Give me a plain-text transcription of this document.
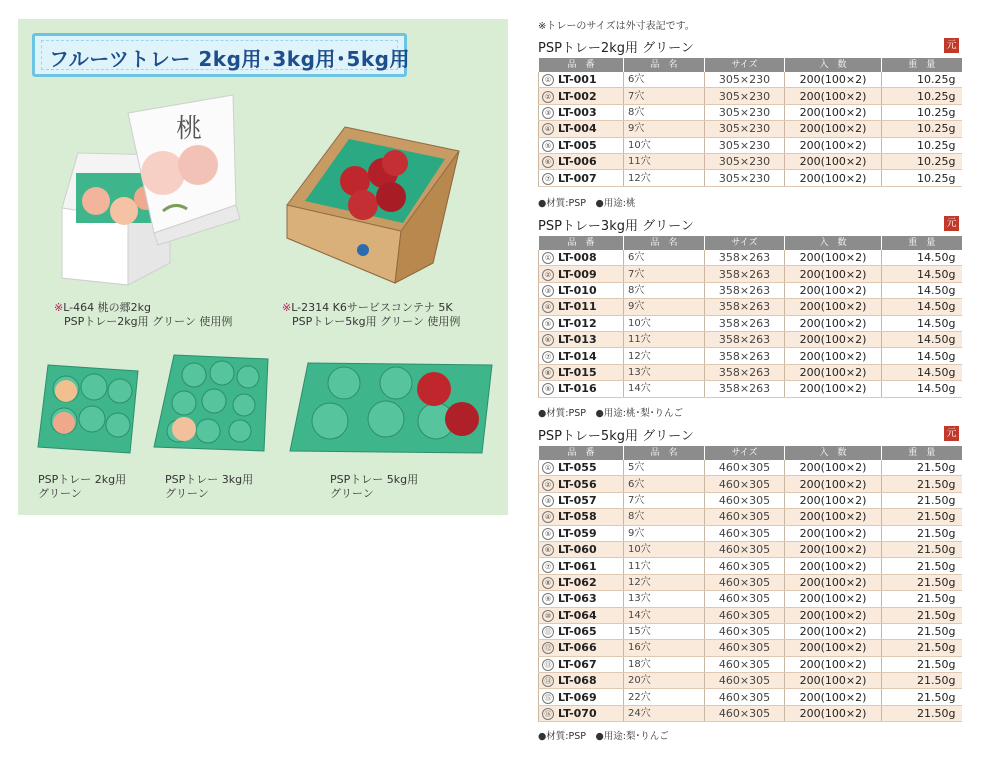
フルーツトレー 2kg用･3kg用･5kg用
桃
※L-464 桃の郷2kg
PSPトレー2kg用 グリーン 使用例
※L-2314 K6サービスコンテナ 5K
PSPトレー5kg用 グリーン 使用例
PSPトレー 2kg用
グリーン
PSPトレー 3kg用
グリーン
PSPトレー 5kg用
グリーン
※トレーのサイズは外寸表記です。
PSPトレー2kg用 グリーン	元
品　番	品　名	サイズ	入　数	重　量
① LT-001	6穴	305×230	200(100×2)	10.25g
② LT-002	7穴	305×230	200(100×2)	10.25g
③ LT-003	8穴	305×230	200(100×2)	10.25g
④ LT-004	9穴	305×230	200(100×2)	10.25g
⑤ LT-005	10穴	305×230	200(100×2)	10.25g
⑥ LT-006	11穴	305×230	200(100×2)	10.25g
⑦ LT-007	12穴	305×230	200(100×2)	10.25g
●材質:PSP　●用途:桃
PSPトレー3kg用 グリーン	元
品　番	品　名	サイズ	入　数	重　量
① LT-008	6穴	358×263	200(100×2)	14.50g
② LT-009	7穴	358×263	200(100×2)	14.50g
③ LT-010	8穴	358×263	200(100×2)	14.50g
④ LT-011	9穴	358×263	200(100×2)	14.50g
⑤ LT-012	10穴	358×263	200(100×2)	14.50g
⑥ LT-013	11穴	358×263	200(100×2)	14.50g
⑦ LT-014	12穴	358×263	200(100×2)	14.50g
⑧ LT-015	13穴	358×263	200(100×2)	14.50g
⑨ LT-016	14穴	358×263	200(100×2)	14.50g
●材質:PSP　●用途:桃･梨･りんご
PSPトレー5kg用 グリーン	元
品　番	品　名	サイズ	入　数	重　量
① LT-055	5穴	460×305	200(100×2)	21.50g
② LT-056	6穴	460×305	200(100×2)	21.50g
③ LT-057	7穴	460×305	200(100×2)	21.50g
④ LT-058	8穴	460×305	200(100×2)	21.50g
⑤ LT-059	9穴	460×305	200(100×2)	21.50g
⑥ LT-060	10穴	460×305	200(100×2)	21.50g
⑦ LT-061	11穴	460×305	200(100×2)	21.50g
⑧ LT-062	12穴	460×305	200(100×2)	21.50g
⑨ LT-063	13穴	460×305	200(100×2)	21.50g
⑩ LT-064	14穴	460×305	200(100×2)	21.50g
⑪ LT-065	15穴	460×305	200(100×2)	21.50g
⑫ LT-066	16穴	460×305	200(100×2)	21.50g
⑬ LT-067	18穴	460×305	200(100×2)	21.50g
⑭ LT-068	20穴	460×305	200(100×2)	21.50g
⑮ LT-069	22穴	460×305	200(100×2)	21.50g
⑯ LT-070	24穴	460×305	200(100×2)	21.50g
●材質:PSP　●用途:梨･りんご
